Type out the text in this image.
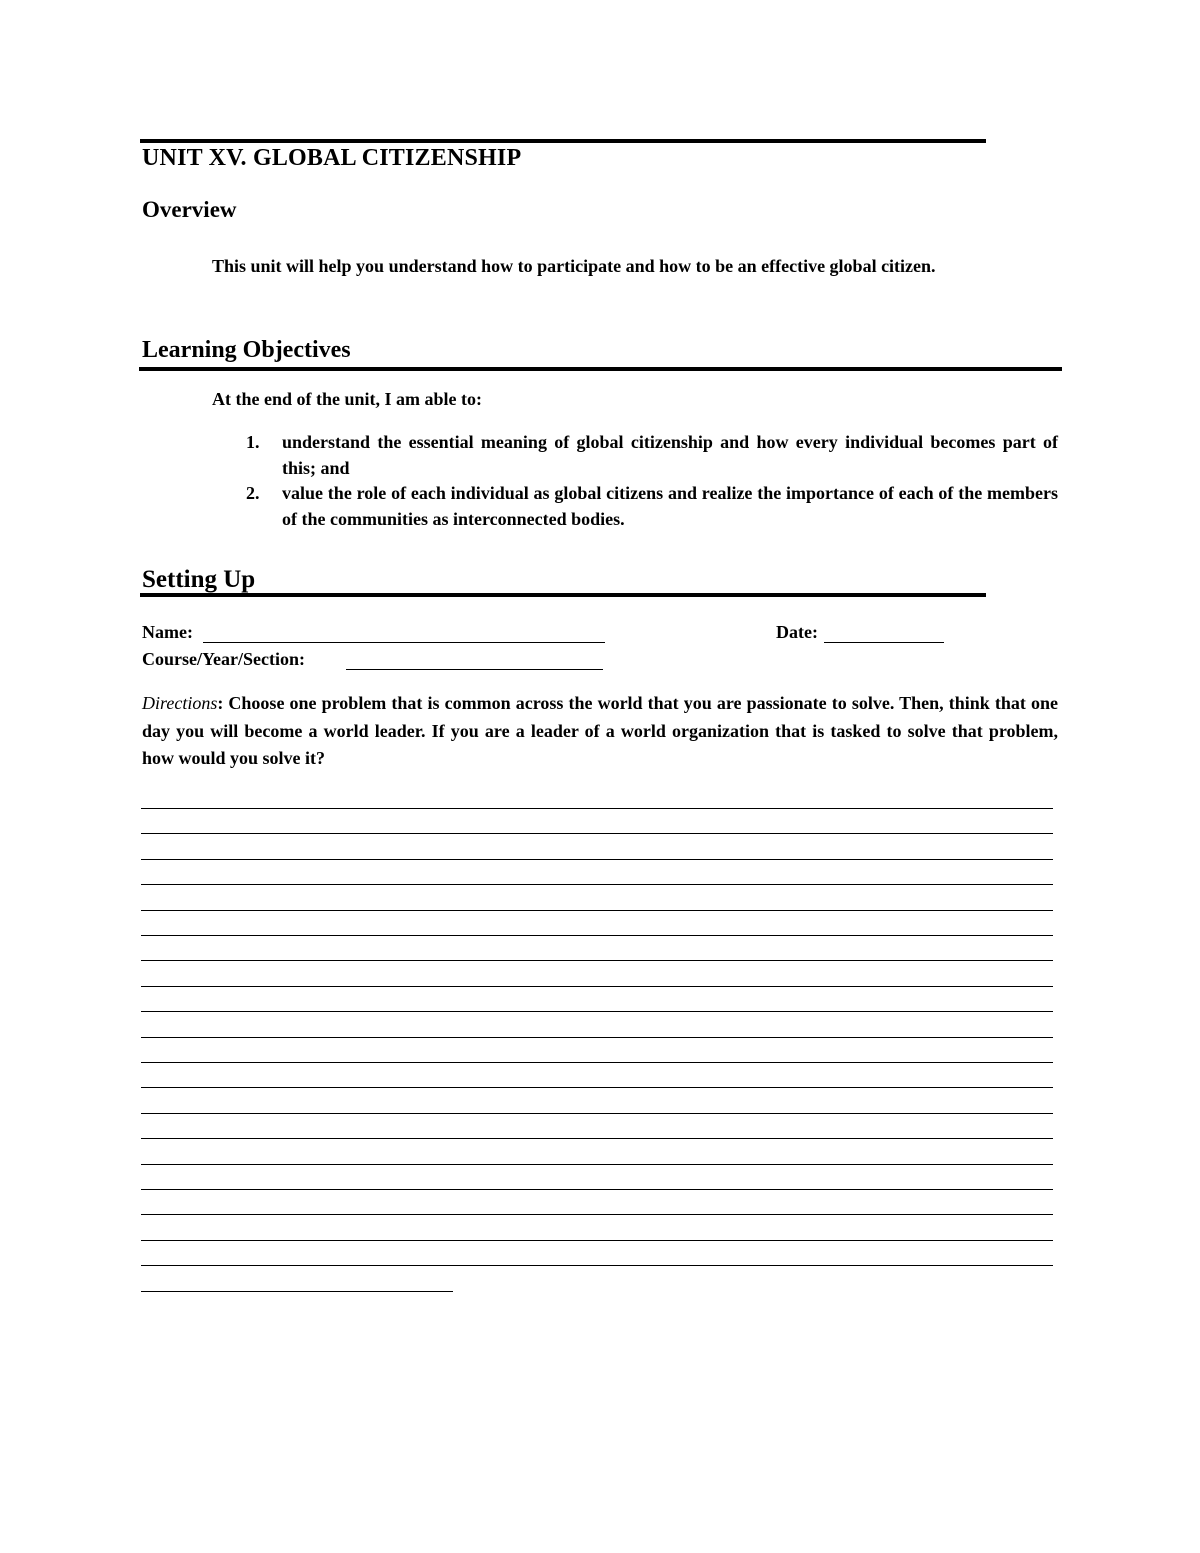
UNIT XV. GLOBAL CITIZENSHIP
Overview
This unit will help you understand how to participate and how to be an effective global citizen.
Learning Objectives
At the end of the unit, I am able to:
1. understand the essential meaning of global citizenship and how every individual becomes part of this; and
2. value the role of each individual as global citizens and realize the importance of each of the members of the communities as interconnected bodies.
Setting Up
Name:	Date:
Course/Year/Section:
Directions: Choose one problem that is common across the world that you are passionate to solve. Then, think that one day you will become a world leader. If you are a leader of a world organization that is tasked to solve that problem, how would you solve it?
